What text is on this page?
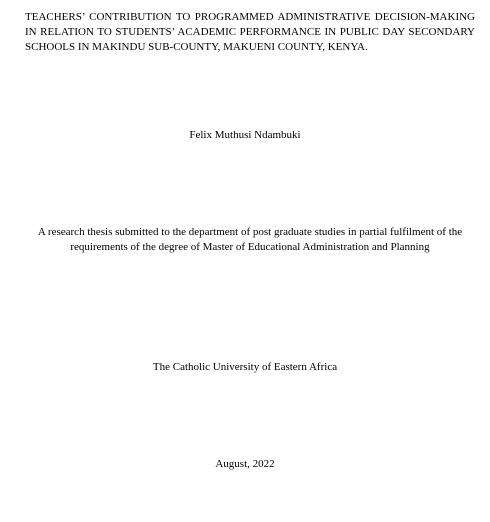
TEACHERS’ CONTRIBUTION TO PROGRAMMED ADMINISTRATIVE DECISION-MAKING IN RELATION TO STUDENTS’ ACADEMIC PERFORMANCE IN PUBLIC DAY SECONDARY SCHOOLS IN MAKINDU SUB-COUNTY, MAKUENI COUNTY, KENYA.

Felix Muthusi Ndambuki

A research thesis submitted to the department of post graduate studies in partial fulfilment of the requirements of the degree of Master of Educational Administration and Planning

The Catholic University of Eastern Africa

August, 2022
